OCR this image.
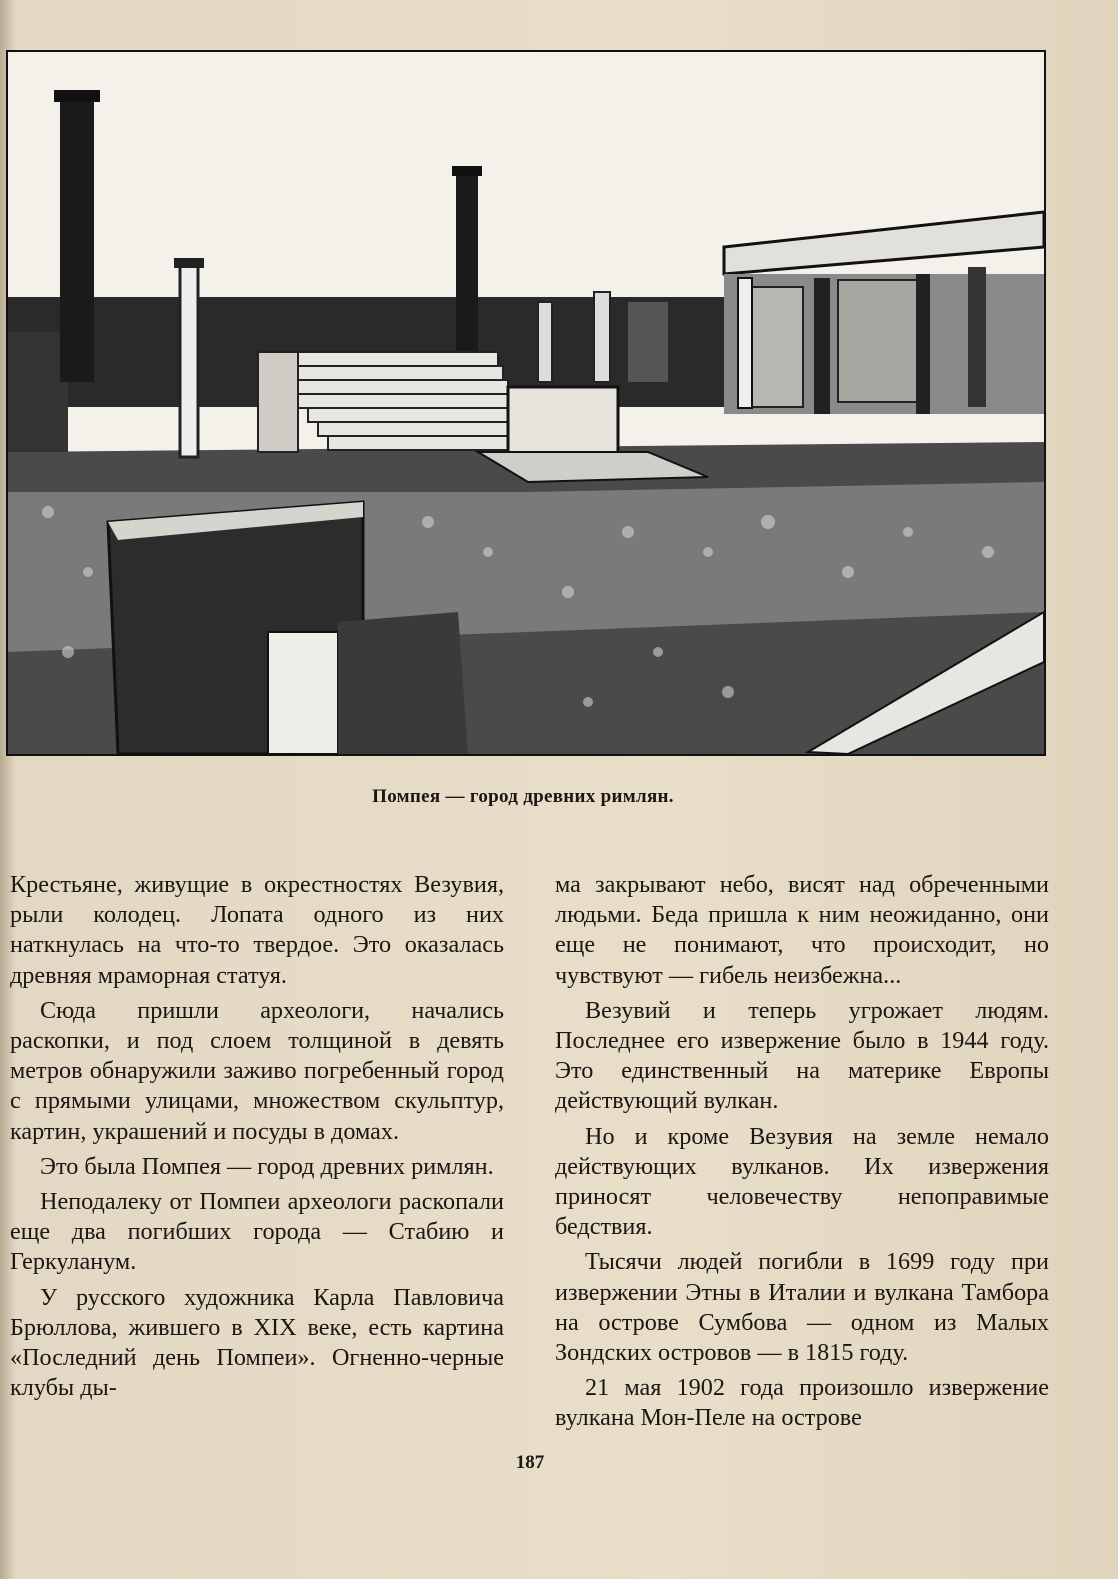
Помпея — город древних римлян.

Крестьяне, живущие в окрестностях Везувия, рыли колодец. Лопата одного из них наткнулась на что-то твердое. Это оказалась древняя мраморная статуя.

Сюда пришли археологи, начались раскопки, и под слоем толщиной в девять метров обнаружили заживо погребенный город с прямыми улицами, множеством скульптур, картин, украшений и посуды в домах.

Это была Помпея — город древних римлян.

Неподалеку от Помпеи археологи раскопали еще два погибших города — Стабию и Геркуланум.

У русского художника Карла Павловича Брюллова, жившего в XIX веке, есть картина «Последний день Помпеи». Огненно-черные клубы ды-

ма закрывают небо, висят над обреченными людьми. Беда пришла к ним неожиданно, они еще не понимают, что происходит, но чувствуют — гибель неизбежна...

Везувий и теперь угрожает людям. Последнее его извержение было в 1944 году. Это единственный на материке Европы действующий вулкан.

Но и кроме Везувия на земле немало действующих вулканов. Их извержения приносят человечеству непоправимые бедствия.

Тысячи людей погибли в 1699 году при извержении Этны в Италии и вулкана Тамбора на острове Сумбова — одном из Малых Зондских островов — в 1815 году.

21 мая 1902 года произошло извержение вулкана Мон-Пеле на острове

187
